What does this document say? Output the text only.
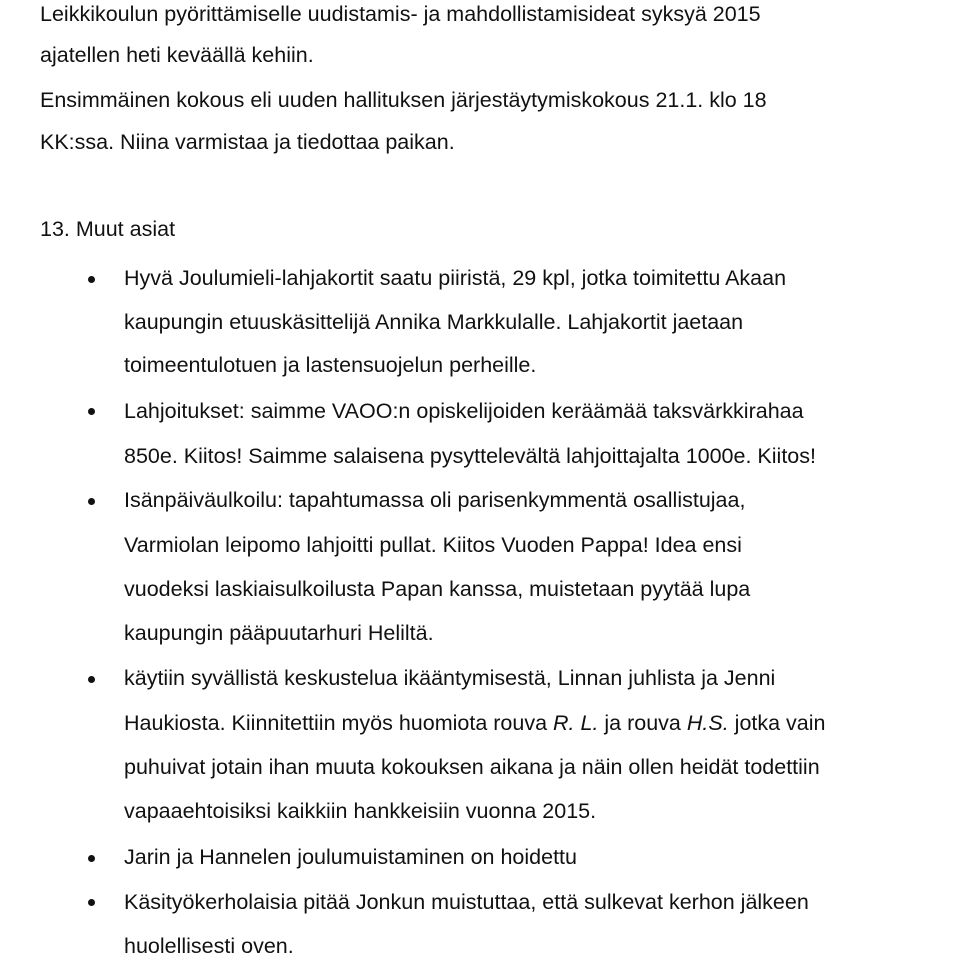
Leikkikoulun pyörittämiselle uudistamis- ja mahdollistamisideat syksyä 2015

ajatellen heti keväällä kehiin.

Ensimmäinen kokous eli uuden hallituksen järjestäytymiskokous 21.1. klo 18

KK:ssa. Niina varmistaa ja tiedottaa paikan.

13. Muut asiat

Hyvä Joulumieli-lahjakortit saatu piiristä, 29 kpl, jotka toimitettu Akaan

kaupungin etuuskäsittelijä Annika Markkulalle. Lahjakortit jaetaan

toimeentulotuen ja lastensuojelun perheille.

Lahjoitukset: saimme VAOO:n opiskelijoiden keräämää taksvärkkirahaa

850e. Kiitos! Saimme salaisena pysyttelevältä lahjoittajalta 1000e. Kiitos!

Isänpäiväulkoilu: tapahtumassa oli parisenkymmentä osallistujaa,

Varmiolan leipomo lahjoitti pullat. Kiitos Vuoden Pappa! Idea ensi

vuodeksi laskiaisulkoilusta Papan kanssa, muistetaan pyytää lupa

kaupungin pääpuutarhuri Heliltä.

käytiin syvällistä keskustelua ikääntymisestä, Linnan juhlista ja Jenni

Haukiosta. Kiinnitettiin myös huomiota rouva R. L. ja rouva H.S. jotka vain

puhuivat jotain ihan muuta kokouksen aikana ja näin ollen heidät todettiin

vapaaehtoisiksi kaikkiin hankkeisiin vuonna 2015.

Jarin ja Hannelen joulumuistaminen on hoidettu

Käsityökerholaisia pitää Jonkun muistuttaa, että sulkevat kerhon jälkeen

huolellisesti oven.
